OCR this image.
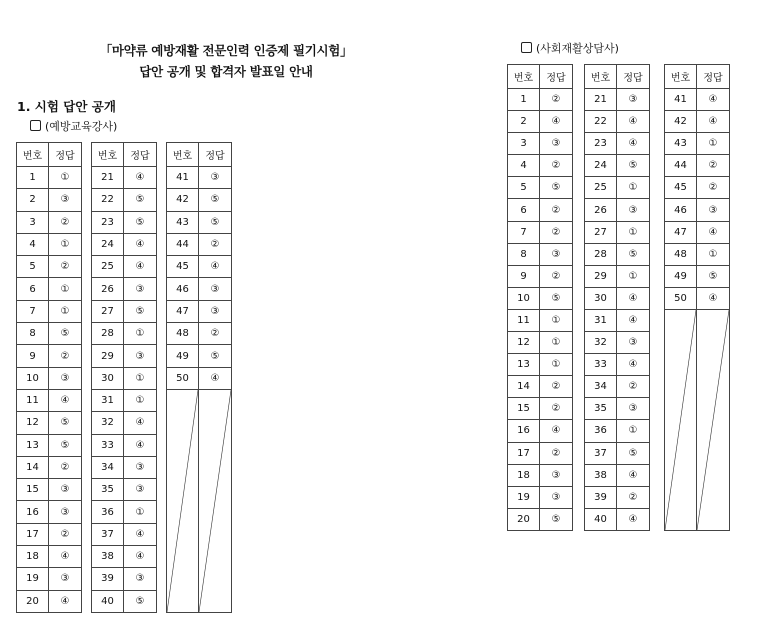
「마약류 예방재활 전문인력 인증제 필기시험」
답안 공개 및 합격자 발표일 안내
1. 시험 답안 공개
(예방교육강사)
(사회재활상담사)
번호	정답
1	①
2	③
3	②
4	①
5	②
6	①
7	①
8	⑤
9	②
10	③
11	④
12	⑤
13	⑤
14	②
15	③
16	③
17	②
18	④
19	③
20	④
번호	정답
21	④
22	⑤
23	⑤
24	④
25	④
26	③
27	⑤
28	①
29	③
30	①
31	①
32	④
33	④
34	③
35	③
36	①
37	④
38	④
39	③
40	⑤
번호	정답
41	③
42	⑤
43	⑤
44	②
45	④
46	③
47	③
48	②
49	⑤
50	④

번호	정답
1	②
2	④
3	③
4	②
5	⑤
6	②
7	②
8	③
9	②
10	⑤
11	①
12	①
13	①
14	②
15	②
16	④
17	②
18	③
19	③
20	⑤
번호	정답
21	③
22	④
23	④
24	⑤
25	①
26	③
27	①
28	⑤
29	①
30	④
31	④
32	③
33	④
34	②
35	③
36	①
37	⑤
38	④
39	②
40	④
번호	정답
41	④
42	④
43	①
44	②
45	②
46	③
47	④
48	①
49	⑤
50	④
